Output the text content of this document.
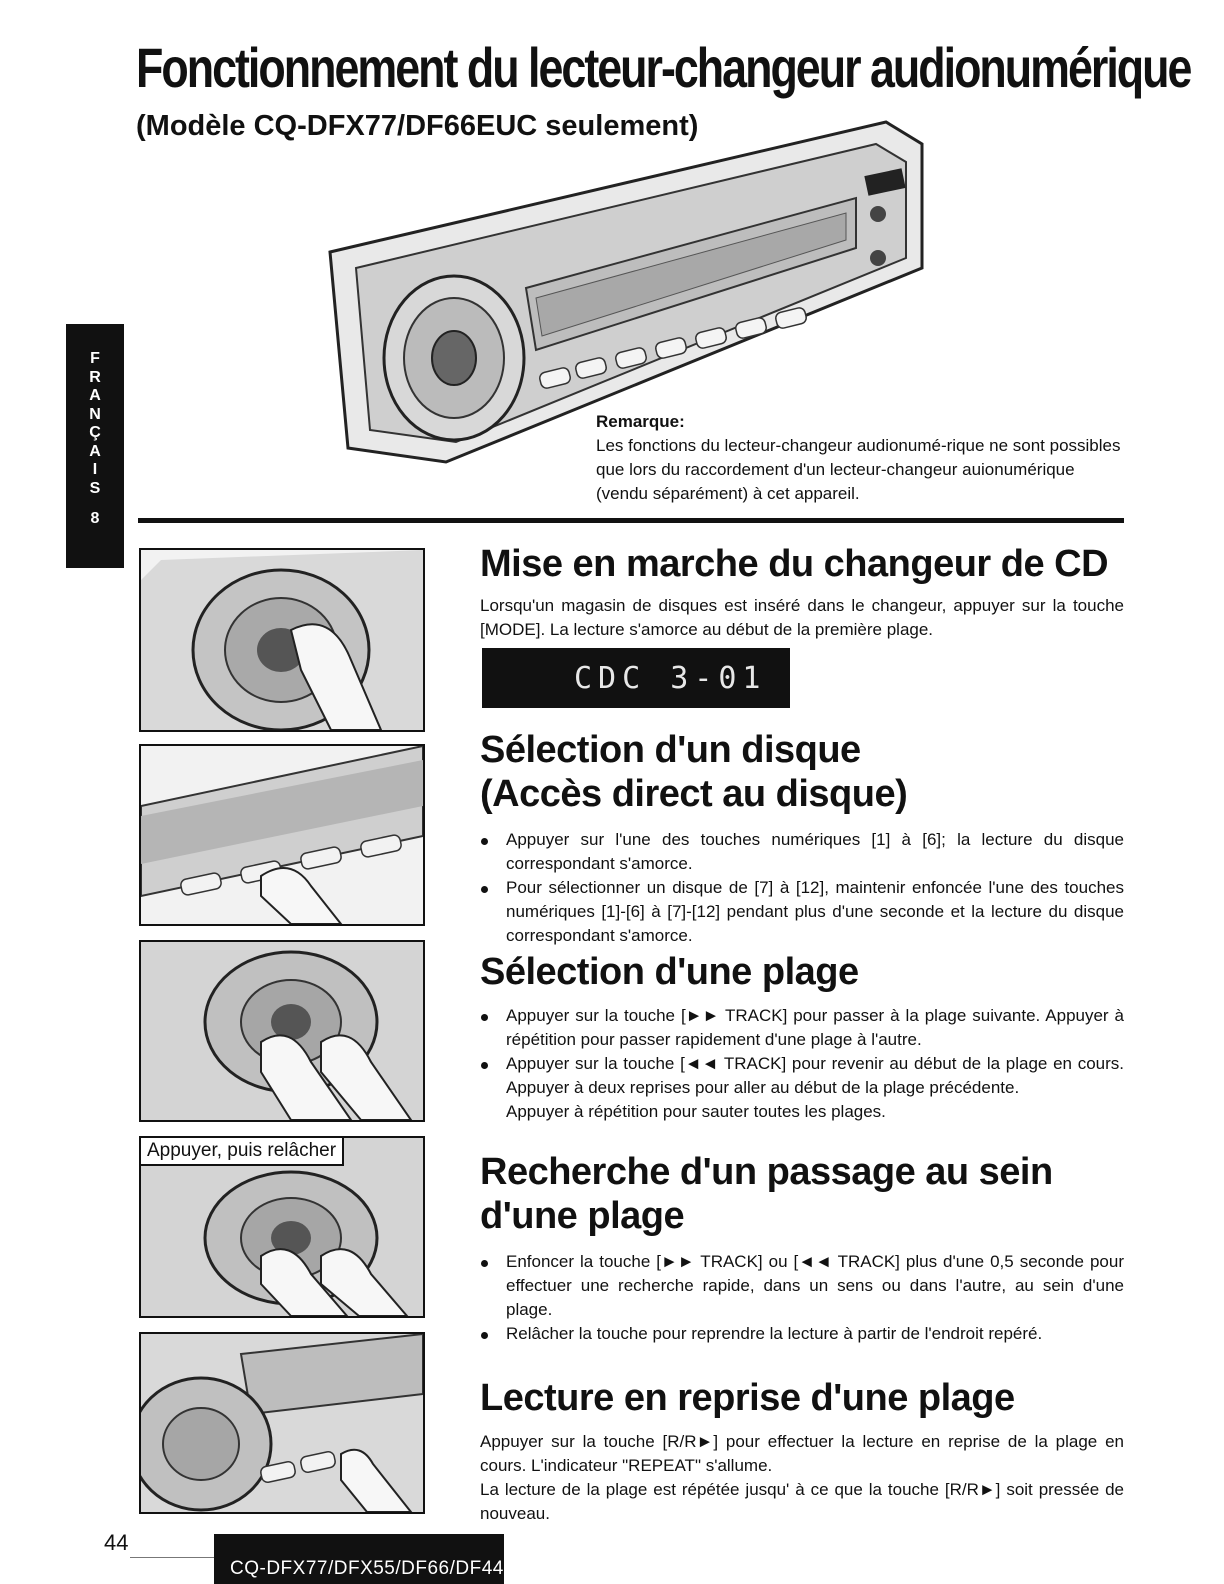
Fonctionnement du lecteur-changeur audionumérique
(Modèle CQ-DFX77/DF66EUC seulement)
F
R
A
N
Ç
A
I
S
8
Remarque:
Les fonctions du lecteur-changeur audionumé-rique ne sont possibles que lors du raccordement d'un lecteur-changeur auionumérique (vendu séparément) à cet appareil.
Appuyer, puis relâcher
Mise en marche du changeur de CD

Lorsqu'un magasin de disques est inséré dans le changeur, appuyer sur la touche [MODE]. La lecture s'amorce au début de la première plage.

CDC 3-01
Sélection d'un disque
(Accès direct au disque)
Appuyer sur l'une des touches numériques [1] à [6]; la lecture du disque correspondant s'amorce.
Pour sélectionner un disque de [7] à [12], maintenir enfoncée l'une des touches numériques [1]-[6] à [7]-[12] pendant plus d'une seconde et la lecture du disque correspondant s'amorce.
Sélection d'une plage
Appuyer sur la touche [►► TRACK] pour passer à la plage suivante. Appuyer à répétition pour passer rapidement d'une plage à l'autre.
Appuyer sur la touche [◄◄ TRACK] pour revenir au début de la plage en cours. Appuyer à deux reprises pour aller au début de la plage précédente.
Appuyer à répétition pour sauter toutes les plages.
Recherche d'un passage au sein
d'une plage
Enfoncer la touche [►► TRACK] ou [◄◄ TRACK] plus d'une 0,5 seconde pour effectuer une recherche rapide, dans un sens ou dans l'autre, au sein d'une plage.
Relâcher la touche pour reprendre la lecture à partir de l'endroit repéré.
Lecture en reprise d'une plage

Appuyer sur la touche [R/R►] pour effectuer la lecture en reprise de la plage en cours. L'indicateur "REPEAT" s'allume.

La lecture de la plage est répétée jusqu' à ce que la touche [R/R►] soit pressée de nouveau.

44
CQ-DFX77/DFX55/DF66/DF44EUC
